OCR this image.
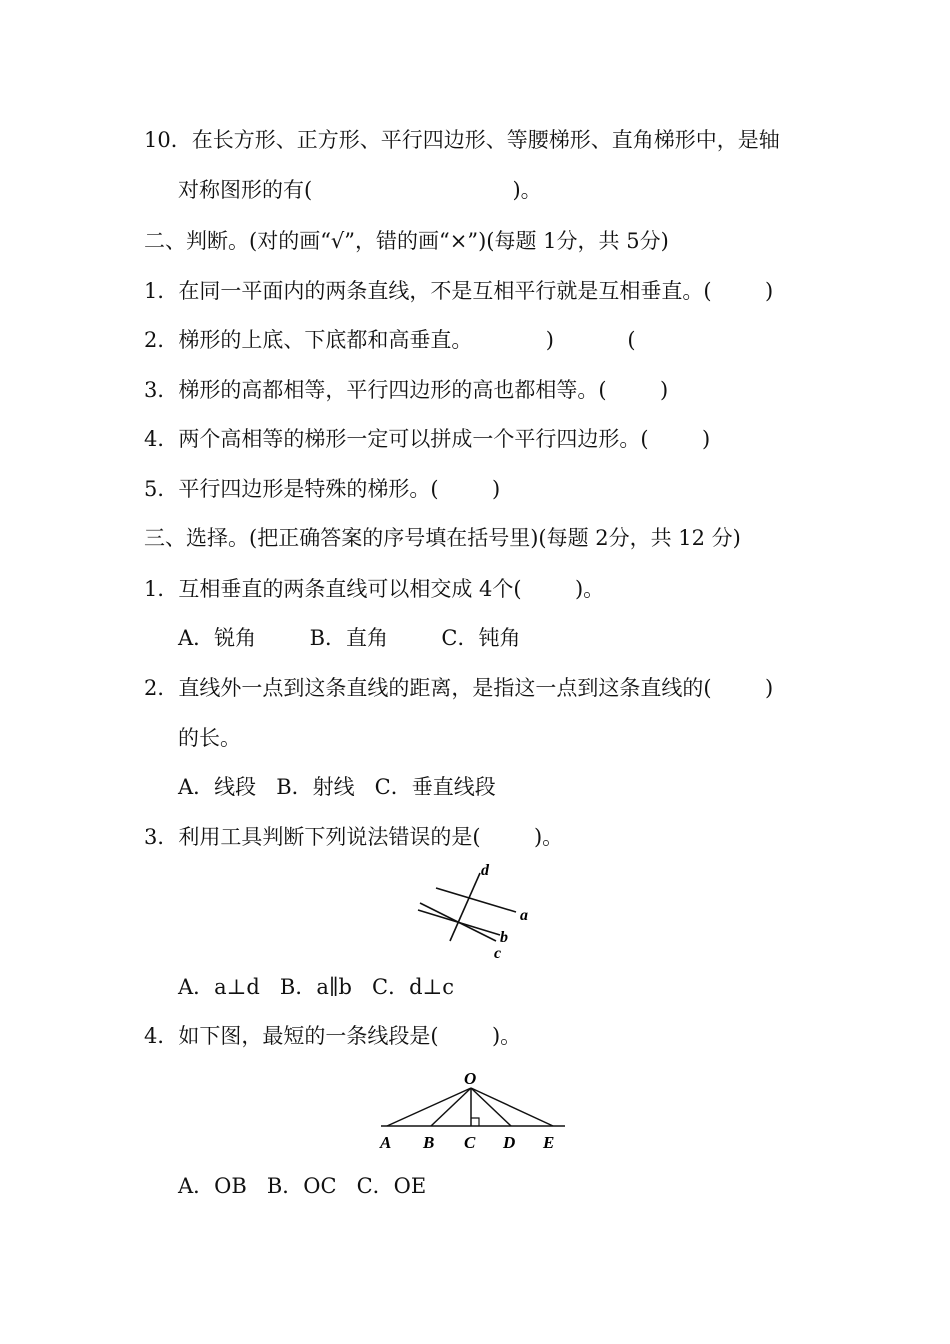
10．在长方形、正方形、平行四边形、等腰梯形、直角梯形中，是轴
对称图形的有(                              )。
二、判断。(对的画“√”，错的画“×”)(每题 1分，共 5分)
1．在同一平面内的两条直线，不是互相平行就是互相垂直。(        )
2．梯形的上底、下底都和高垂直。           )           (
3．梯形的高都相等，平行四边形的高也都相等。(        )
4．两个高相等的梯形一定可以拼成一个平行四边形。(        )
5．平行四边形是特殊的梯形。(        )
三、选择。(把正确答案的序号填在括号里)(每题 2分，共 12 分)
1．互相垂直的两条直线可以相交成 4个(        )。
A．锐角        B．直角        C．钝角
2．直线外一点到这条直线的距离，是指这一点到这条直线的(        )
的长。
A．线段   B．射线   C．垂直线段
3．利用工具判断下列说法错误的是(        )。
d
a
b
c
A．a⊥d   B．a∥b   C．d⊥c
4．如下图，最短的一条线段是(        )。
O
A B C D E
A．OB   B．OC   C．OE
